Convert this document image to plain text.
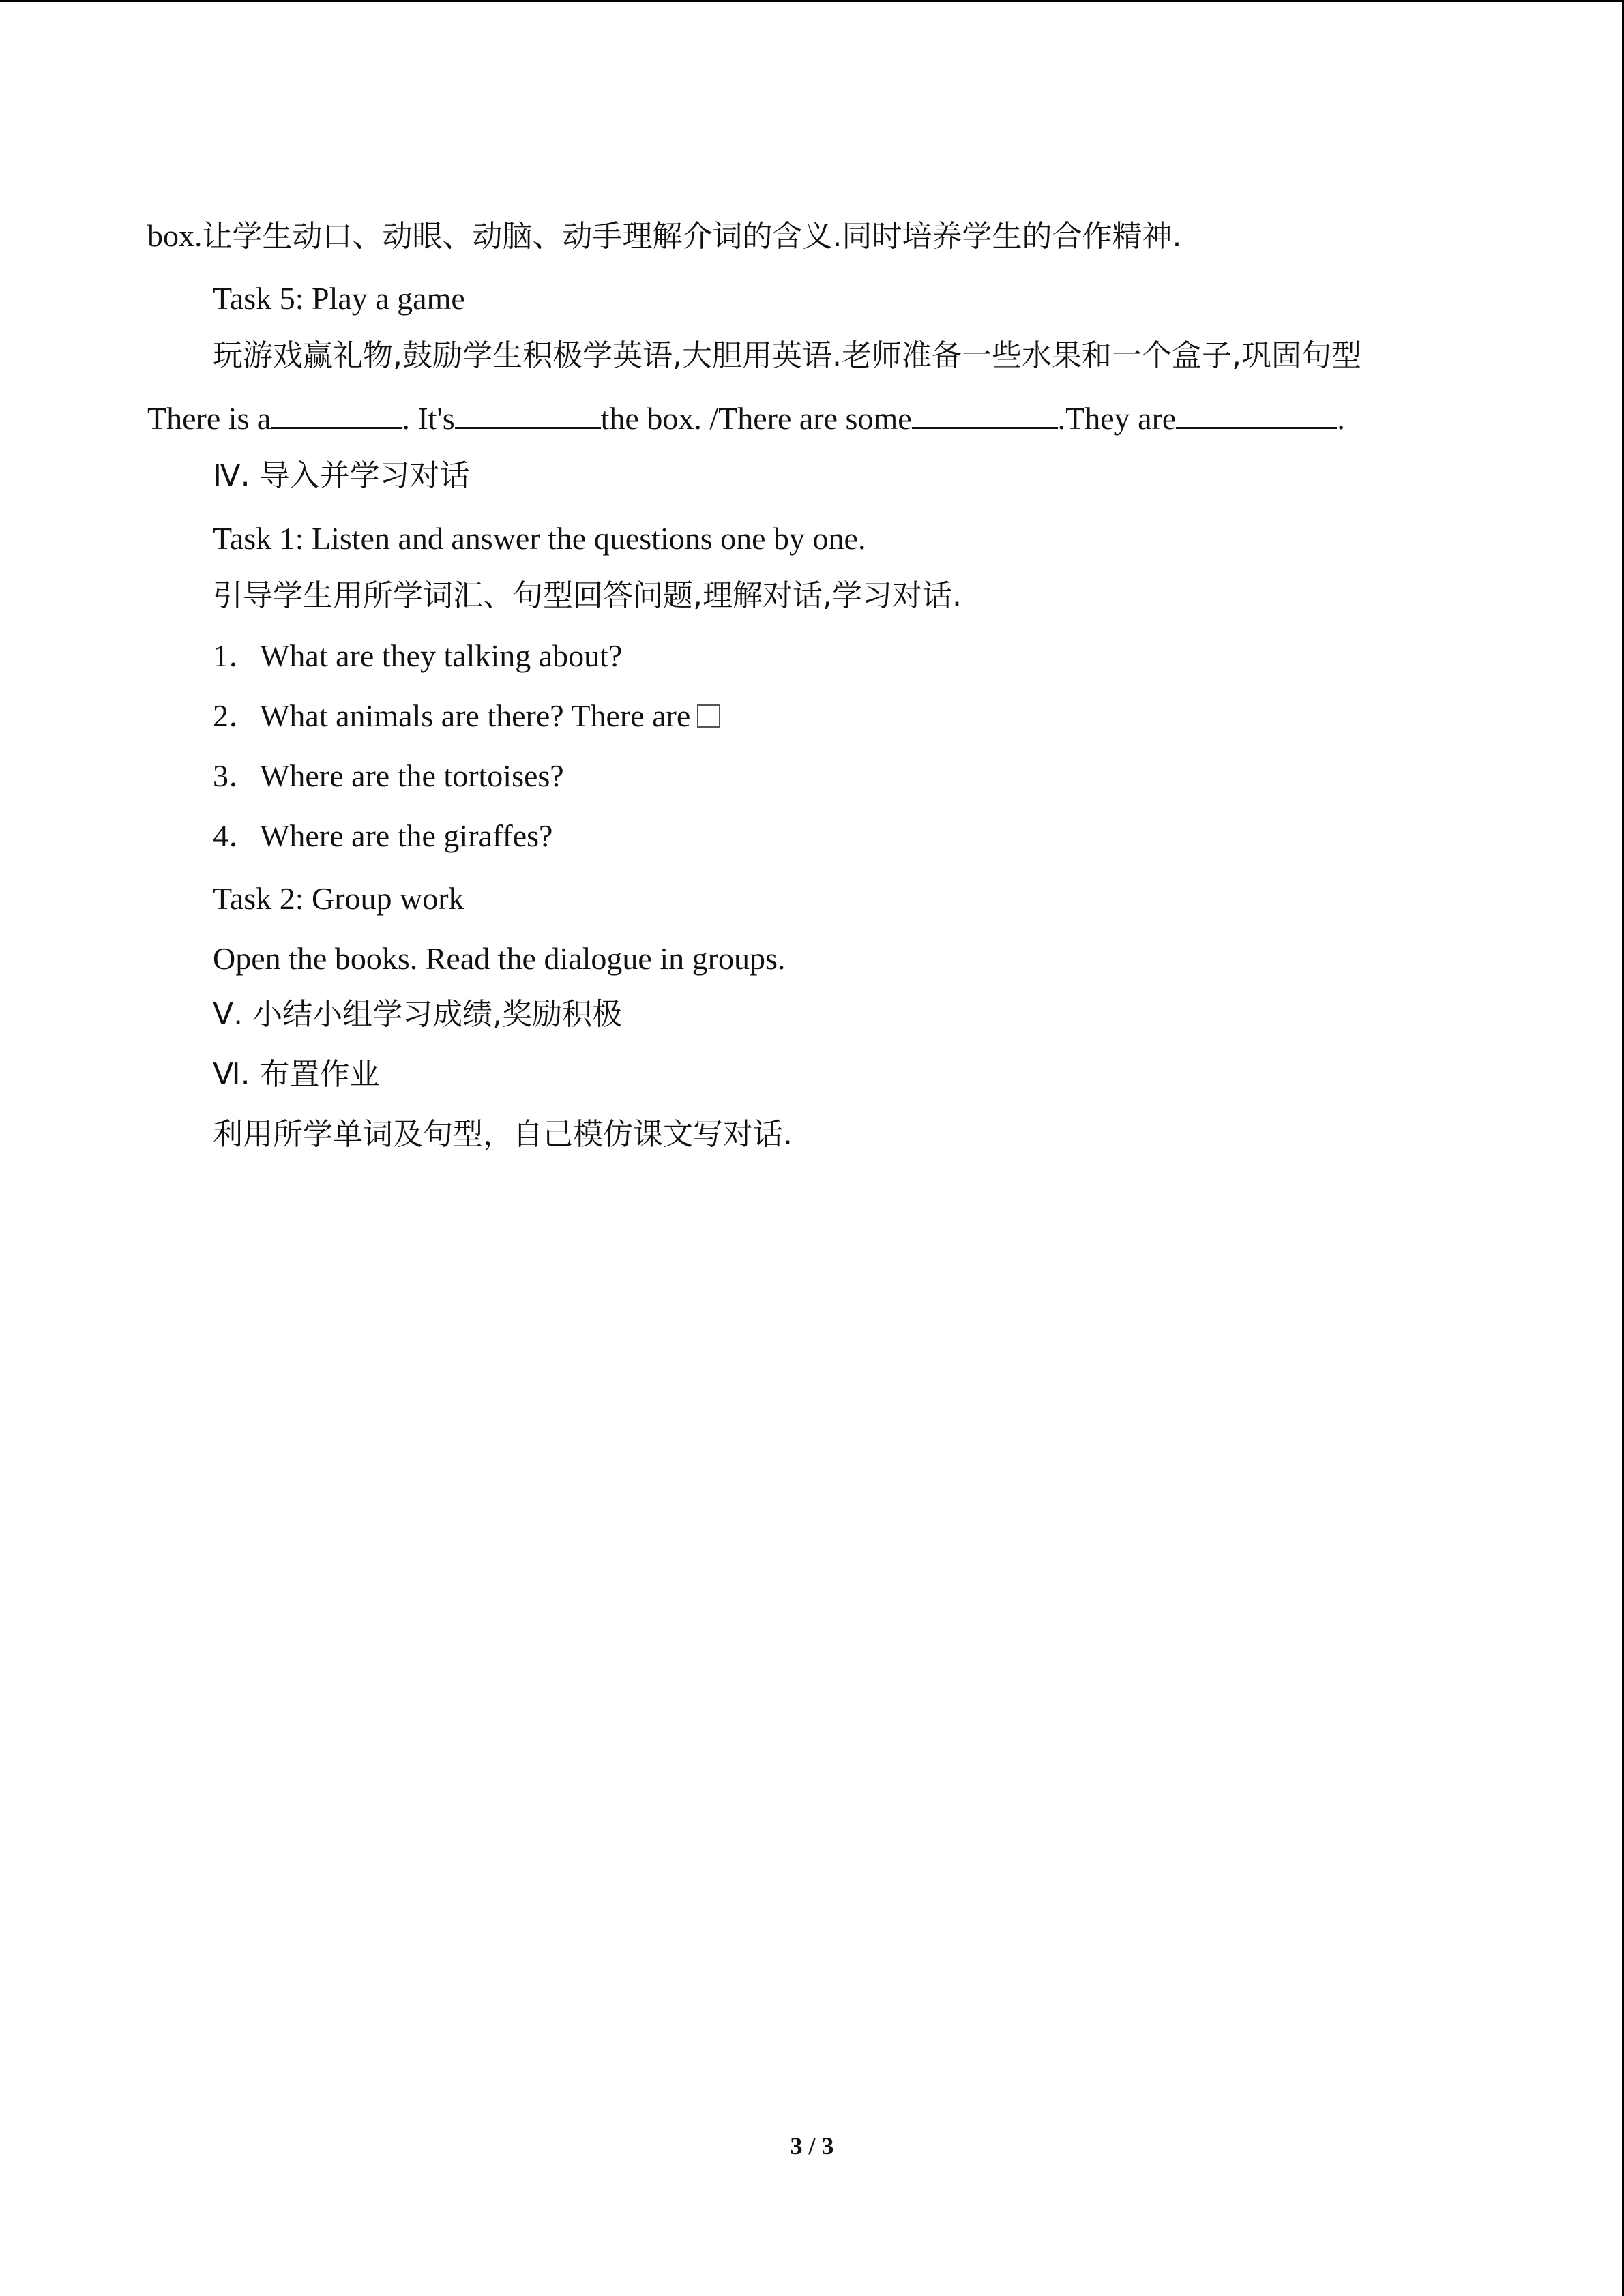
box.让学生动口、动眼、动脑、动手理解介词的含义.同时培养学生的合作精神.
Task 5: Play a game
玩游戏赢礼物,鼓励学生积极学英语,大胆用英语.老师准备一些水果和一个盒子,巩固句型
There is a	. It's	the box. /There are some	.They are	.
Ⅳ. 导入并学习对话
Task 1: Listen and answer the questions one by one.
引导学生用所学词汇、句型回答问题,理解对话,学习对话.
1．What are they talking about?
2．What animals are there? There are
3．Where are the tortoises?
4．Where are the giraffes?
Task 2: Group work
Open the books. Read the dialogue in groups.
Ⅴ. 小结小组学习成绩,奖励积极
Ⅵ. 布置作业
利用所学单词及句型，自己模仿课文写对话.
3 / 3
